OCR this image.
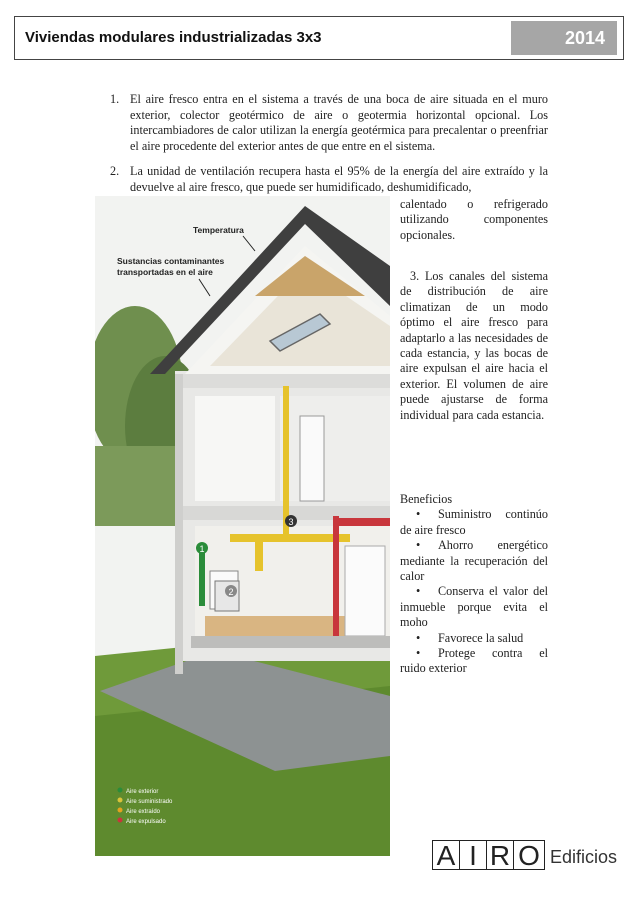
Viviendas modulares industrializadas 3x3	2014
1. El aire fresco entra en el sistema a través de una boca de aire situada en el muro exterior, colector geotérmico de aire o geotermia horizontal opcional. Los intercambiadores de calor utilizan la energía geotérmica para precalentar o preenfriar el aire procedente del exterior antes de que entre en el sistema.
2. La unidad de ventilación recupera hasta el 95% de la energía del aire extraído y la devuelve al aire fresco, que puede ser humidificado, deshumidificado,
1
2
3
Temperatura
Sustancias contaminantes
transportadas en el aire
Aire exterior
Aire suministrado
Aire extraído
Aire expulsado
calentado o refrigerado utilizando componentes opcionales.
3. Los canales del sistema de distribución de aire climatizan de un modo óptimo el aire fresco para adaptarlo a las necesidades de cada estancia, y las bocas de aire expulsan el aire hacia el exterior. El volumen de aire puede ajustarse de forma individual para cada estancia.
Beneficios
• Suministro continúo de aire fresco
• Ahorro energético mediante la recuperación del calor
• Conserva el valor del inmueble porque evita el moho
• Favorece la salud
• Protege contra el ruido exterior
A I R O Edificios
